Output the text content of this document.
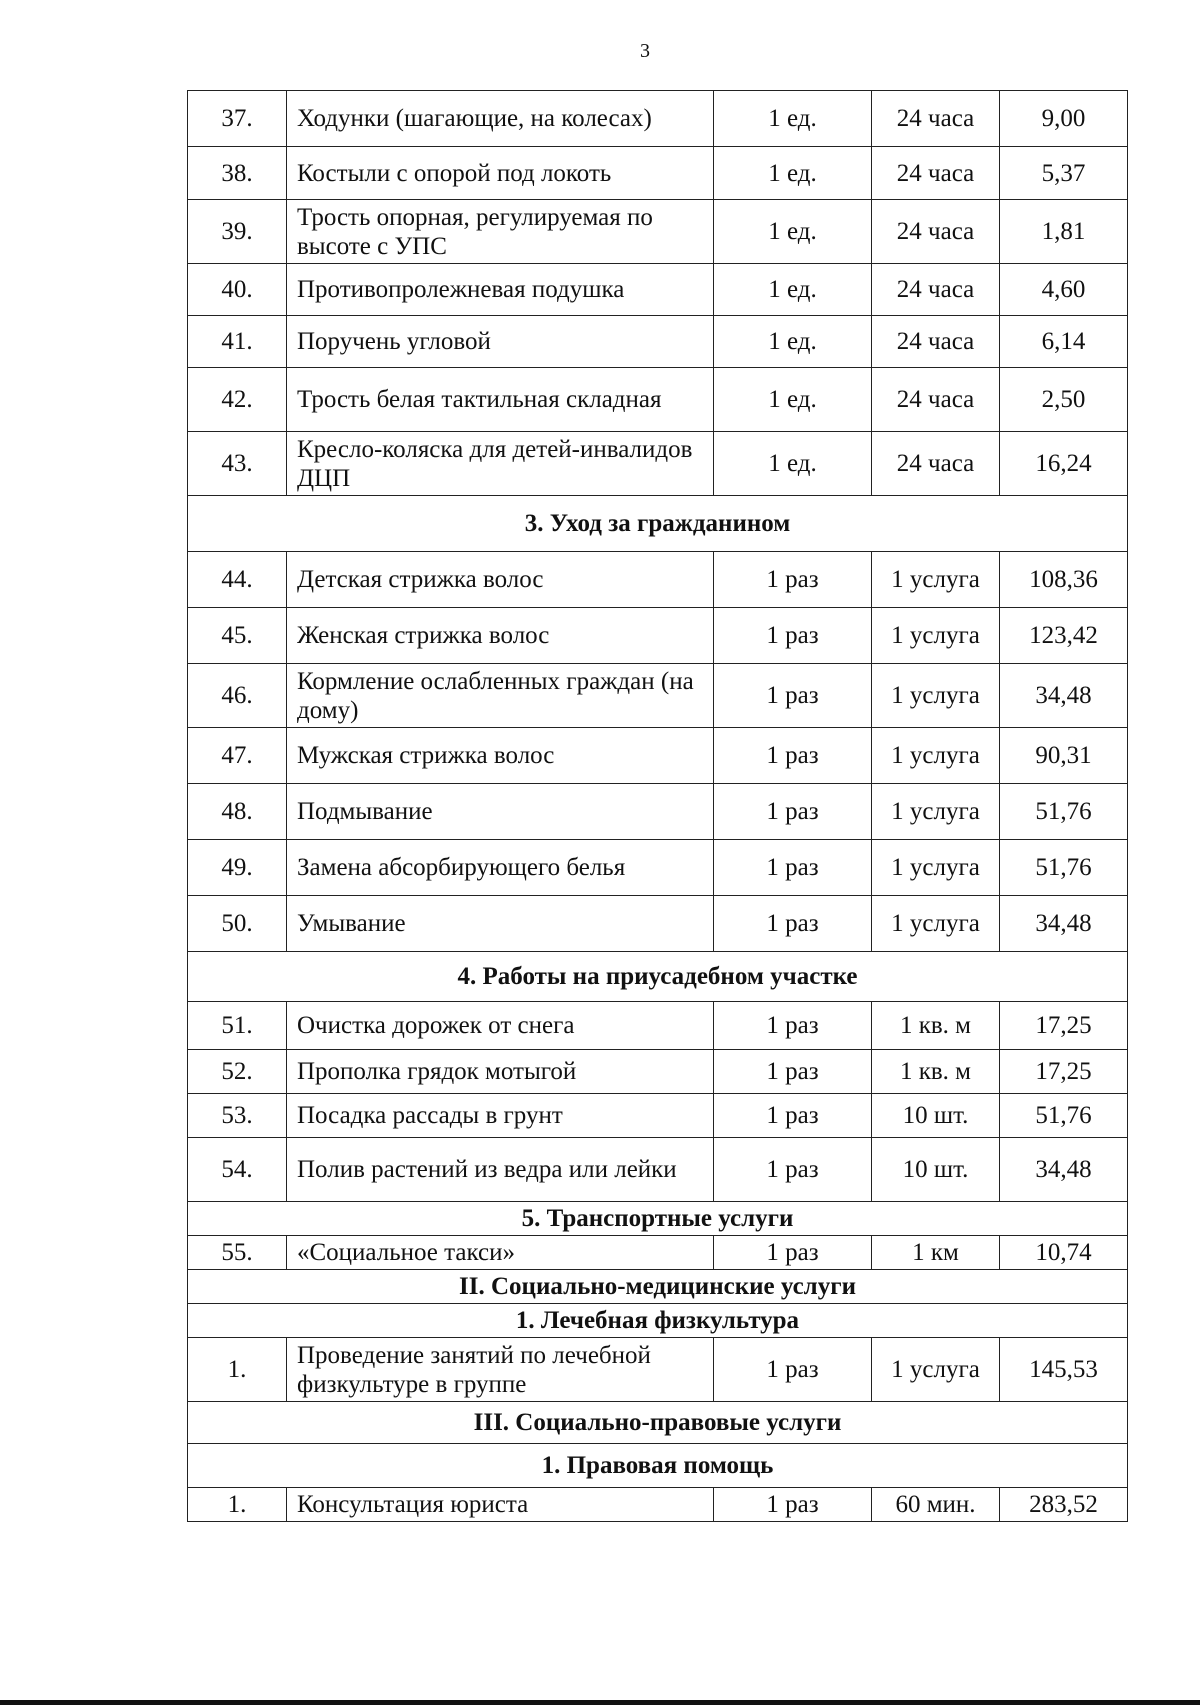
3
37.	Ходунки (шагающие, на колесах)	1 ед.	24 часа	9,00
38.	Костыли с опорой под локоть	1 ед.	24 часа	5,37
39.	Трость опорная, регулируемая по высоте с УПС	1 ед.	24 часа	1,81
40.	Противопролежневая подушка	1 ед.	24 часа	4,60
41.	Поручень угловой	1 ед.	24 часа	6,14
42.	Трость белая тактильная складная	1 ед.	24 часа	2,50
43.	Кресло-коляска для детей-инвалидов ДЦП	1 ед.	24 часа	16,24
3. Уход за гражданином				
44.	Детская стрижка волос	1 раз	1 услуга	108,36
45.	Женская стрижка волос	1 раз	1 услуга	123,42
46.	Кормление ослабленных граждан (на дому)	1 раз	1 услуга	34,48
47.	Мужская стрижка волос	1 раз	1 услуга	90,31
48.	Подмывание	1 раз	1 услуга	51,76
49.	Замена абсорбирующего белья	1 раз	1 услуга	51,76
50.	Умывание	1 раз	1 услуга	34,48
4. Работы на приусадебном участке				
51.	Очистка дорожек от снега	1 раз	1 кв. м	17,25
52.	Прополка грядок мотыгой	1 раз	1 кв. м	17,25
53.	Посадка рассады в грунт	1 раз	10 шт.	51,76
54.	Полив растений из ведра или лейки	1 раз	10 шт.	34,48
5. Транспортные услуги				
55.	«Социальное такси»	1 раз	1 км	10,74
II. Социально-медицинские услуги				
1. Лечебная физкультура				
1.	Проведение занятий по лечебной физкультуре в группе	1 раз	1 услуга	145,53
III. Социально-правовые услуги				
1. Правовая помощь				
1.	Консультация юриста	1 раз	60 мин.	283,52
